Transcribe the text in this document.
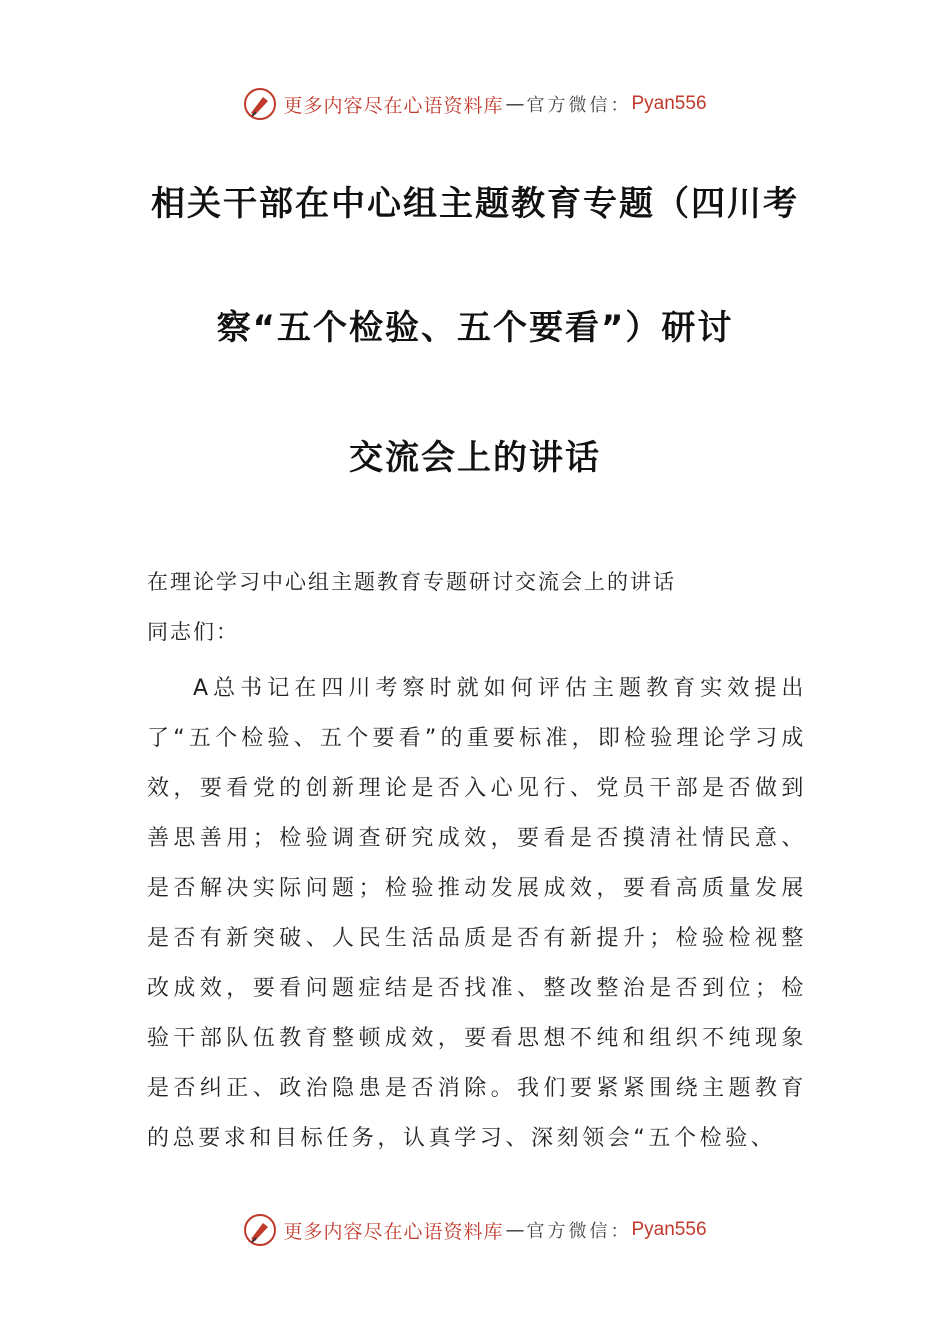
更多内容尽在心语资料库 — 官方微信： Pyan556
相关干部在中心组主题教育专题（四川考
察“五个检验、五个要看”）研讨
交流会上的讲话
在理论学习中心组主题教育专题研讨交流会上的讲话
同志们：
A总书记在四川考察时就如何评估主题教育实效提出了“五个检验、五个要看”的重要标准，即检验理论学习成效，要看党的创新理论是否入心见行、党员干部是否做到善思善用；检验调查研究成效，要看是否摸清社情民意、是否解决实际问题；检验推动发展成效，要看高质量发展是否有新突破、人民生活品质是否有新提升；检验检视整改成效，要看问题症结是否找准、整改整治是否到位；检验干部队伍教育整顿成效，要看思想不纯和组织不纯现象是否纠正、政治隐患是否消除。我们要紧紧围绕主题教育的总要求和目标任务，认真学习、深刻领会“五个检验、
更多内容尽在心语资料库 — 官方微信： Pyan556
